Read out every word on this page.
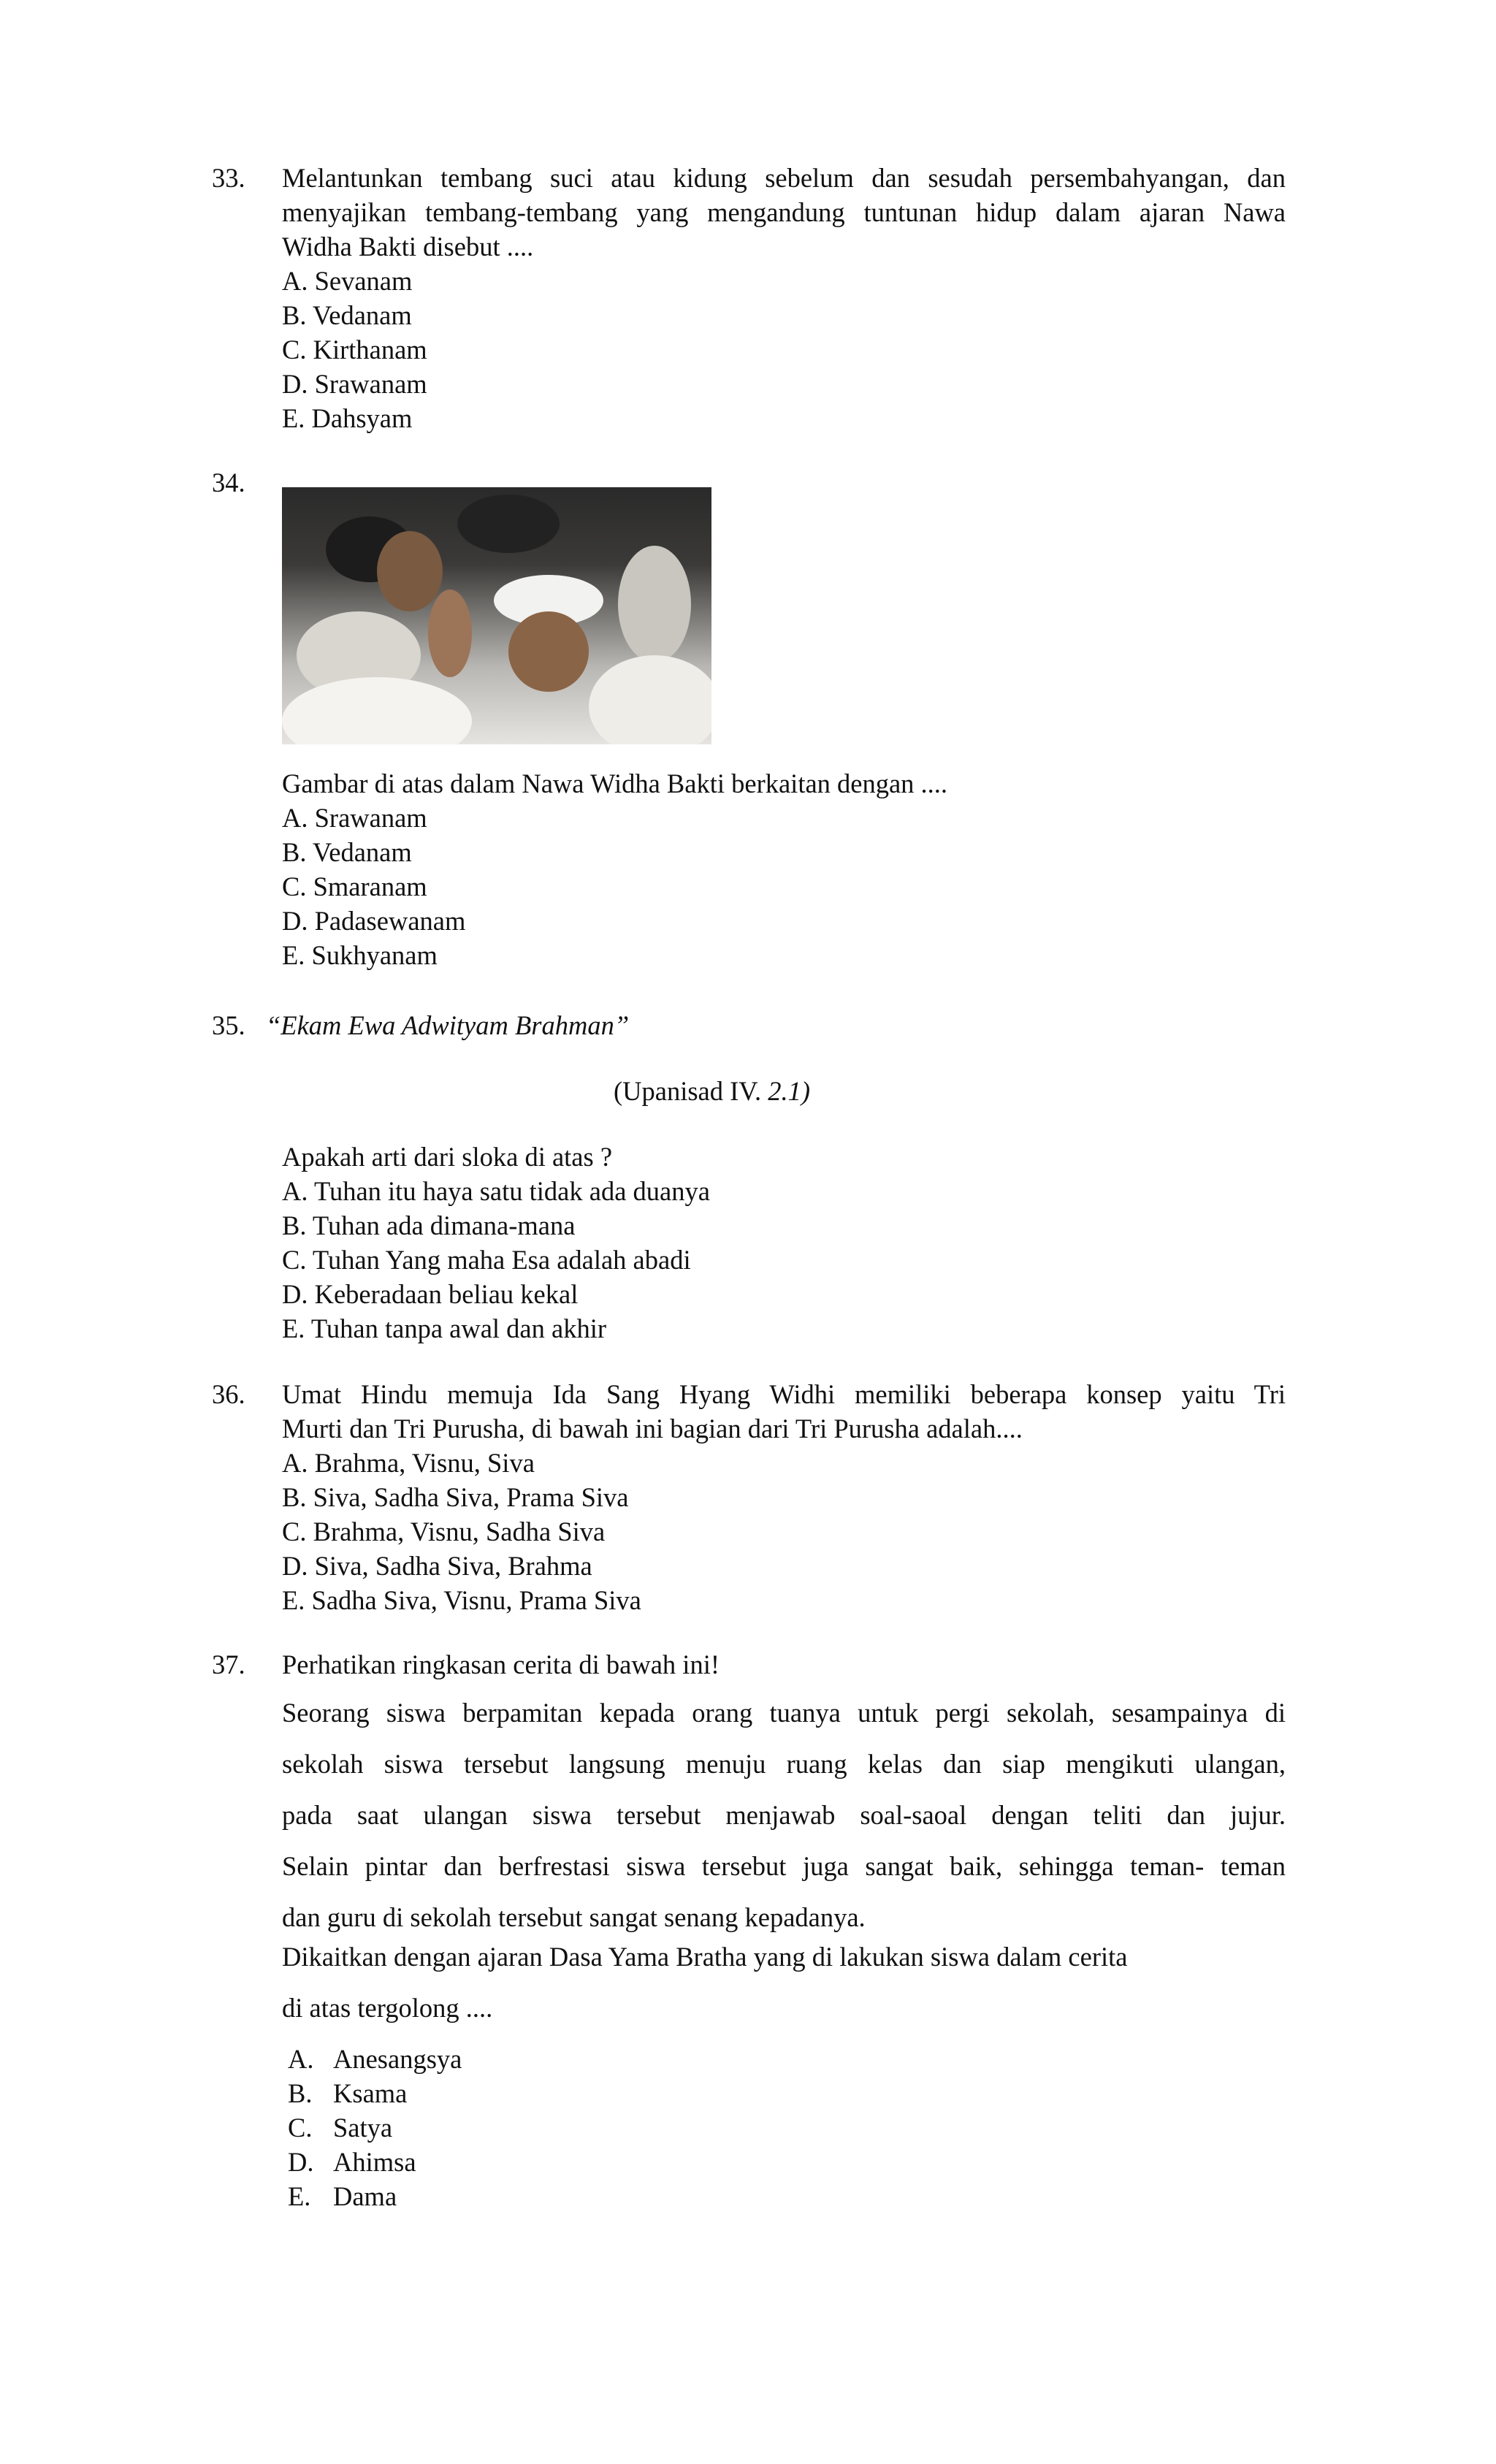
33. Melantunkan tembang suci atau kidung sebelum dan sesudah persembahyangan, dan
menyajikan tembang-tembang yang mengandung tuntunan hidup dalam ajaran Nawa
Widha Bakti disebut ....
A. Sevanam
B. Vedanam
C. Kirthanam
D. Srawanam
E. Dahsyam
34.
Gambar di atas dalam Nawa Widha Bakti berkaitan dengan ....
A. Srawanam
B. Vedanam
C. Smaranam
D. Padasewanam
E. Sukhyanam
35. “Ekam Ewa Adwityam Brahman”
(Upanisad IV. 2.1)
Apakah arti dari sloka di atas ?
A. Tuhan itu haya satu tidak ada duanya
B. Tuhan ada dimana-mana
C. Tuhan Yang maha Esa adalah abadi
D. Keberadaan beliau kekal
E. Tuhan tanpa awal dan akhir
36. Umat Hindu memuja Ida Sang Hyang Widhi memiliki beberapa konsep yaitu Tri
Murti dan Tri Purusha, di bawah ini bagian dari Tri Purusha adalah....
A. Brahma, Visnu, Siva
B. Siva, Sadha Siva, Prama Siva
C. Brahma, Visnu, Sadha Siva
D. Siva, Sadha Siva, Brahma
E. Sadha Siva, Visnu, Prama Siva
37. Perhatikan ringkasan cerita di bawah ini!

Seorang siswa berpamitan kepada orang tuanya untuk pergi sekolah, sesampainya di

sekolah siswa tersebut langsung menuju ruang kelas dan siap mengikuti ulangan,

pada saat ulangan siswa tersebut menjawab soal-saoal dengan teliti dan jujur.

Selain pintar dan berfrestasi siswa tersebut juga sangat baik, sehingga teman- teman

dan guru di sekolah tersebut sangat senang kepadanya.

Dikaitkan dengan ajaran Dasa Yama Bratha yang di lakukan siswa dalam cerita
di atas tergolong ....
A. Anesangsya
B. Ksama
C. Satya
D. Ahimsa
E. Dama
